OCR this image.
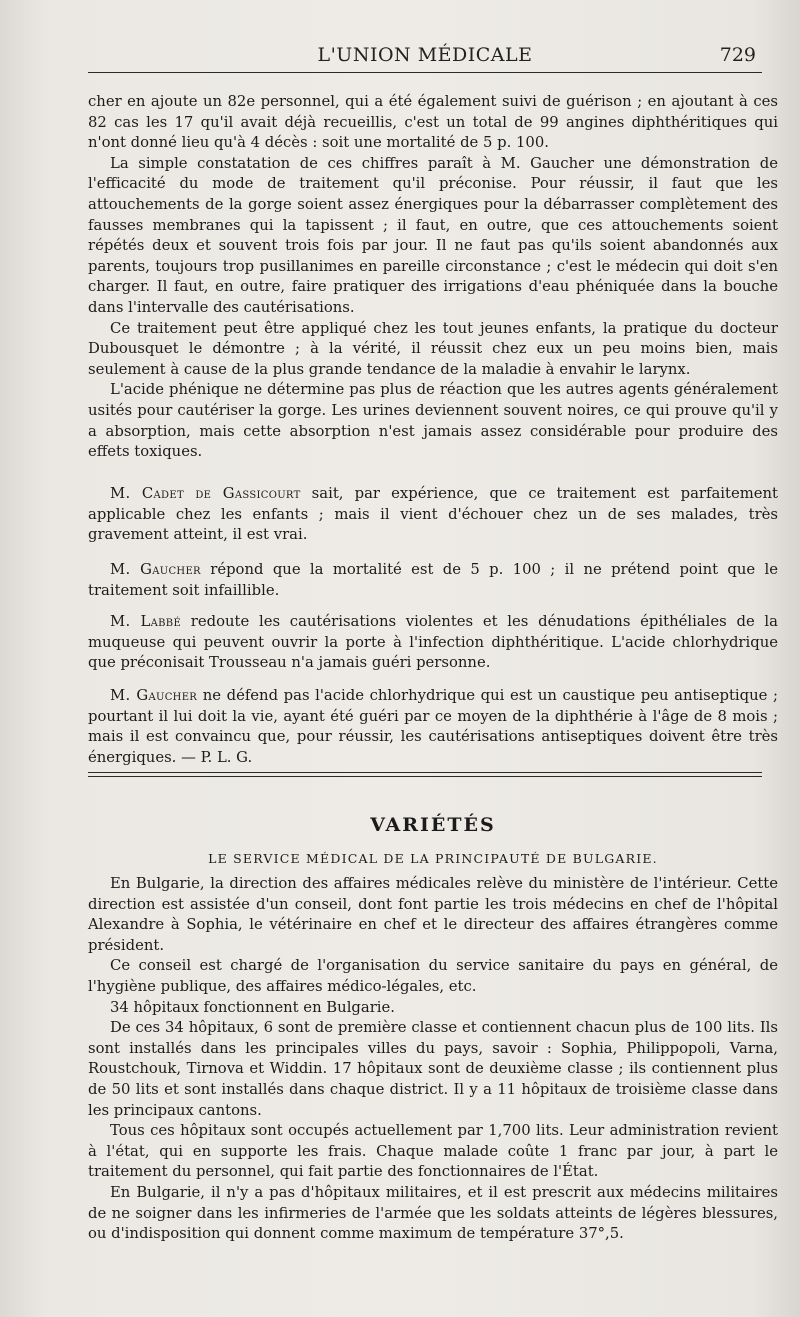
L'UNION MÉDICALE	729

cher en ajoute un 82e personnel, qui a été également suivi de guérison ; en ajoutant à ces 82 cas les 17 qu'il avait déjà recueillis, c'est un total de 99 angines diphthéritiques qui n'ont donné lieu qu'à 4 décès : soit une mortalité de 5 p. 100.

La simple constatation de ces chiffres paraît à M. Gaucher une démonstration de l'efficacité du mode de traitement qu'il préconise. Pour réussir, il faut que les attouchements de la gorge soient assez énergiques pour la débarrasser complètement des fausses membranes qui la tapissent ; il faut, en outre, que ces attouchements soient répétés deux et souvent trois fois par jour. Il ne faut pas qu'ils soient abandonnés aux parents, toujours trop pusillanimes en pareille circonstance ; c'est le médecin qui doit s'en charger. Il faut, en outre, faire pratiquer des irrigations d'eau phéniquée dans la bouche dans l'intervalle des cautérisations.

Ce traitement peut être appliqué chez les tout jeunes enfants, la pratique du docteur Dubousquet le démontre ; à la vérité, il réussit chez eux un peu moins bien, mais seulement à cause de la plus grande tendance de la maladie à envahir le larynx.

L'acide phénique ne détermine pas plus de réaction que les autres agents généralement usités pour cautériser la gorge. Les urines deviennent souvent noires, ce qui prouve qu'il y a absorption, mais cette absorption n'est jamais assez considérable pour produire des effets toxiques.

M. Cadet de Gassicourt sait, par expérience, que ce traitement est parfaitement applicable chez les enfants ; mais il vient d'échouer chez un de ses malades, très gravement atteint, il est vrai.

M. Gaucher répond que la mortalité est de 5 p. 100 ; il ne prétend point que le traitement soit infaillible.

M. Labbé redoute les cautérisations violentes et les dénudations épithéliales de la muqueuse qui peuvent ouvrir la porte à l'infection diphthéritique. L'acide chlorhydrique que préconisait Trousseau n'a jamais guéri personne.

M. Gaucher ne défend pas l'acide chlorhydrique qui est un caustique peu antiseptique ; pourtant il lui doit la vie, ayant été guéri par ce moyen de la diphthérie à l'âge de 8 mois ; mais il est convaincu que, pour réussir, les cautérisations antiseptiques doivent être très énergiques. — P. L. G.

VARIÉTÉS
LE SERVICE MÉDICAL DE LA PRINCIPAUTÉ DE BULGARIE.

En Bulgarie, la direction des affaires médicales relève du ministère de l'intérieur. Cette direction est assistée d'un conseil, dont font partie les trois médecins en chef de l'hôpital Alexandre à Sophia, le vétérinaire en chef et le directeur des affaires étrangères comme président.

Ce conseil est chargé de l'organisation du service sanitaire du pays en général, de l'hygiène publique, des affaires médico-légales, etc.

34 hôpitaux fonctionnent en Bulgarie.

De ces 34 hôpitaux, 6 sont de première classe et contiennent chacun plus de 100 lits. Ils sont installés dans les principales villes du pays, savoir : Sophia, Philippopoli, Varna, Roustchouk, Tirnova et Widdin. 17 hôpitaux sont de deuxième classe ; ils contiennent plus de 50 lits et sont installés dans chaque district. Il y a 11 hôpitaux de troisième classe dans les principaux cantons.

Tous ces hôpitaux sont occupés actuellement par 1,700 lits. Leur administration revient à l'état, qui en supporte les frais. Chaque malade coûte 1 franc par jour, à part le traitement du personnel, qui fait partie des fonctionnaires de l'État.

En Bulgarie, il n'y a pas d'hôpitaux militaires, et il est prescrit aux médecins militaires de ne soigner dans les infirmeries de l'armée que les soldats atteints de légères blessures, ou d'indisposition qui donnent comme maximum de température 37°,5.
